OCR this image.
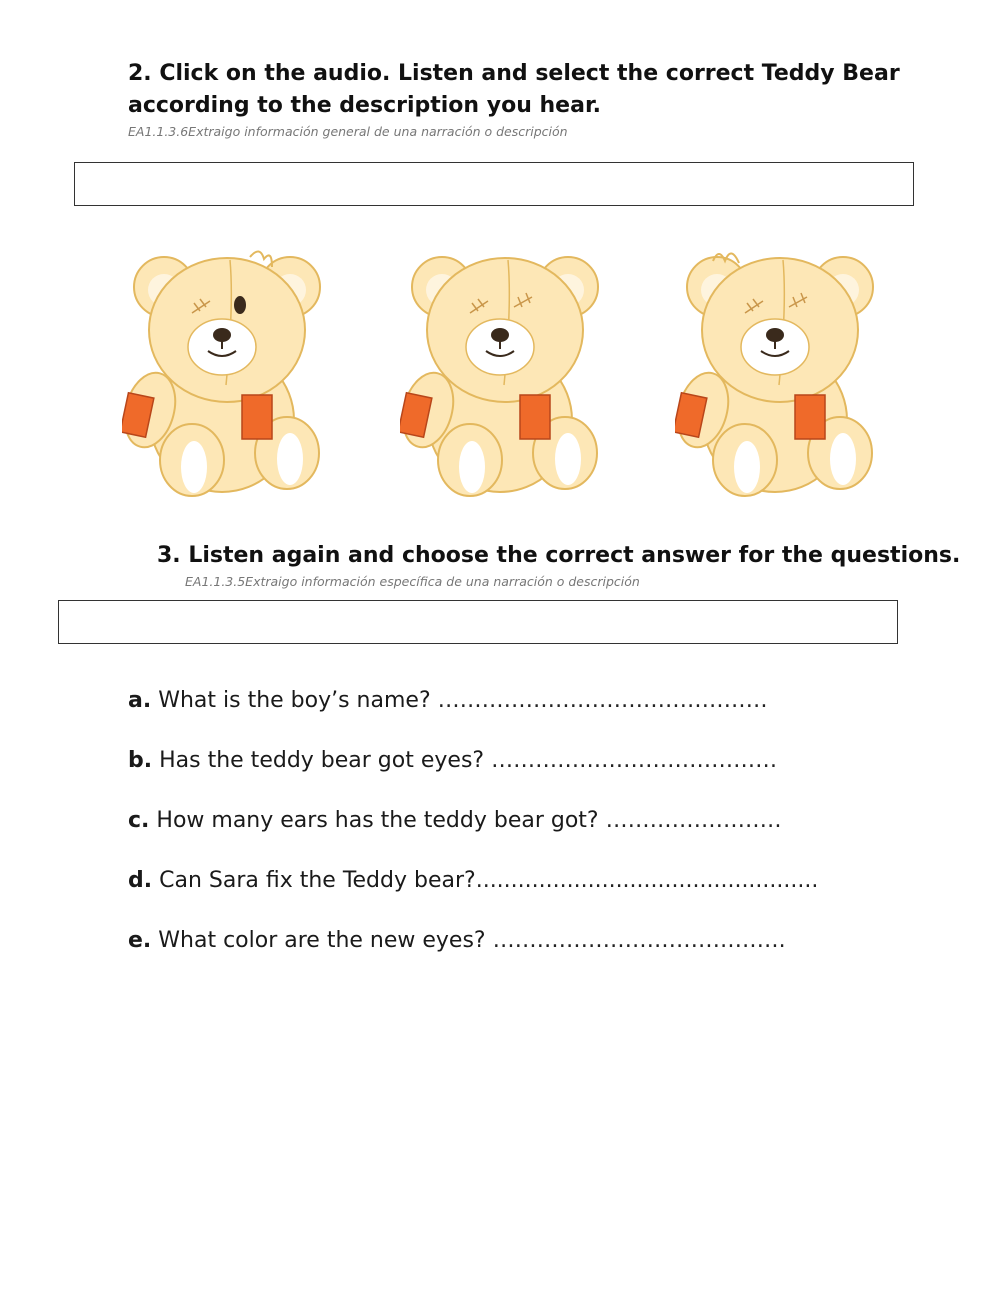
2. Click on the audio. Listen and select the correct Teddy Bear
according to the description you hear.
EA1.1.3.6Extraigo información general de una narración o descripción
3. Listen again and choose the correct answer for the questions.
EA1.1.3.5Extraigo información específica de una narración o descripción
a. What is the boy’s name? ………………………………………
b. Has the teddy bear got eyes? …………………………………
c. How many ears has the teddy bear got? ……………………
d. Can Sara fix the Teddy bear?.................................................
e. What color are the new eyes? ………………………………….
